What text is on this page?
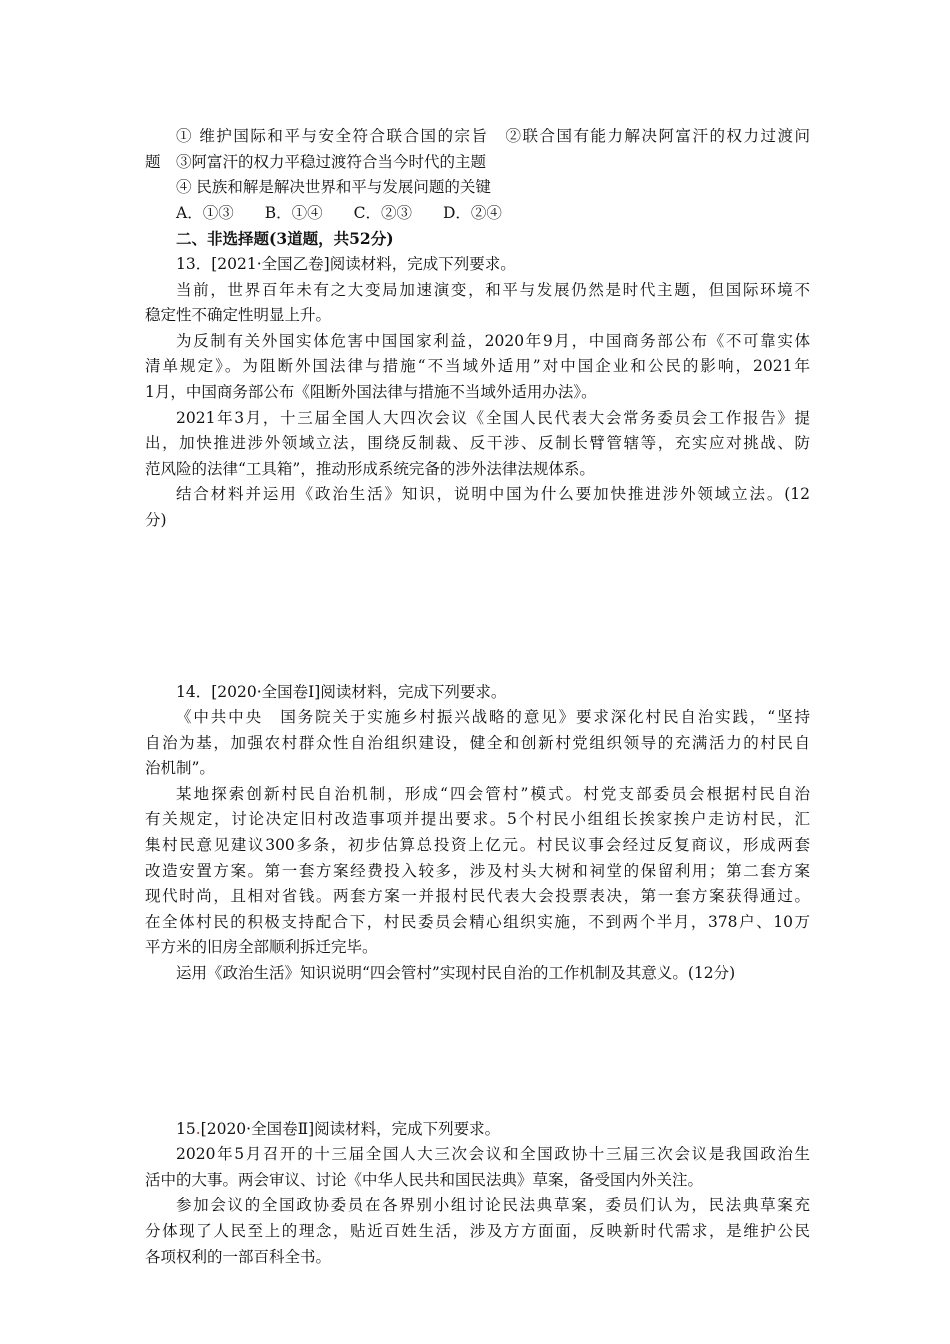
① 维护国际和平与安全符合联合国的宗旨　②联合国有能力解决阿富汗的权力过渡问
题　③阿富汗的权力平稳过渡符合当今时代的主题
④ 民族和解是解决世界和平与发展问题的关键
A．①③　　B．①④　　C．②③　　D．②④
二、非选择题(3道题，共52分)
13．[2021·全国乙卷]阅读材料，完成下列要求。
当前，世界百年未有之大变局加速演变，和平与发展仍然是时代主题，但国际环境不
稳定性不确定性明显上升。
为反制有关外国实体危害中国国家利益，2020年9月，中国商务部公布《不可靠实体
清单规定》。为阻断外国法律与措施“不当域外适用”对中国企业和公民的影响，2021年
1月，中国商务部公布《阻断外国法律与措施不当域外适用办法》。
2021年3月，十三届全国人大四次会议《全国人民代表大会常务委员会工作报告》提
出，加快推进涉外领域立法，围绕反制裁、反干涉、反制长臂管辖等，充实应对挑战、防
范风险的法律“工具箱”，推动形成系统完备的涉外法律法规体系。
结合材料并运用《政治生活》知识，说明中国为什么要加快推进涉外领域立法。(12
分)
14．[2020·全国卷Ⅰ]阅读材料，完成下列要求。
《中共中央　国务院关于实施乡村振兴战略的意见》要求深化村民自治实践，“坚持
自治为基，加强农村群众性自治组织建设，健全和创新村党组织领导的充满活力的村民自
治机制”。
某地探索创新村民自治机制，形成“四会管村”模式。村党支部委员会根据村民自治
有关规定，讨论决定旧村改造事项并提出要求。5个村民小组组长挨家挨户走访村民，汇
集村民意见建议300多条，初步估算总投资上亿元。村民议事会经过反复商议，形成两套
改造安置方案。第一套方案经费投入较多，涉及村头大树和祠堂的保留利用；第二套方案
现代时尚，且相对省钱。两套方案一并报村民代表大会投票表决，第一套方案获得通过。
在全体村民的积极支持配合下，村民委员会精心组织实施，不到两个半月，378户、10万
平方米的旧房全部顺利拆迁完毕。
运用《政治生活》知识说明“四会管村”实现村民自治的工作机制及其意义。(12分)
15.[2020·全国卷Ⅱ]阅读材料，完成下列要求。
2020年5月召开的十三届全国人大三次会议和全国政协十三届三次会议是我国政治生
活中的大事。两会审议、讨论《中华人民共和国民法典》草案，备受国内外关注。
参加会议的全国政协委员在各界别小组讨论民法典草案，委员们认为，民法典草案充
分体现了人民至上的理念，贴近百姓生活，涉及方方面面，反映新时代需求，是维护公民
各项权利的一部百科全书。
